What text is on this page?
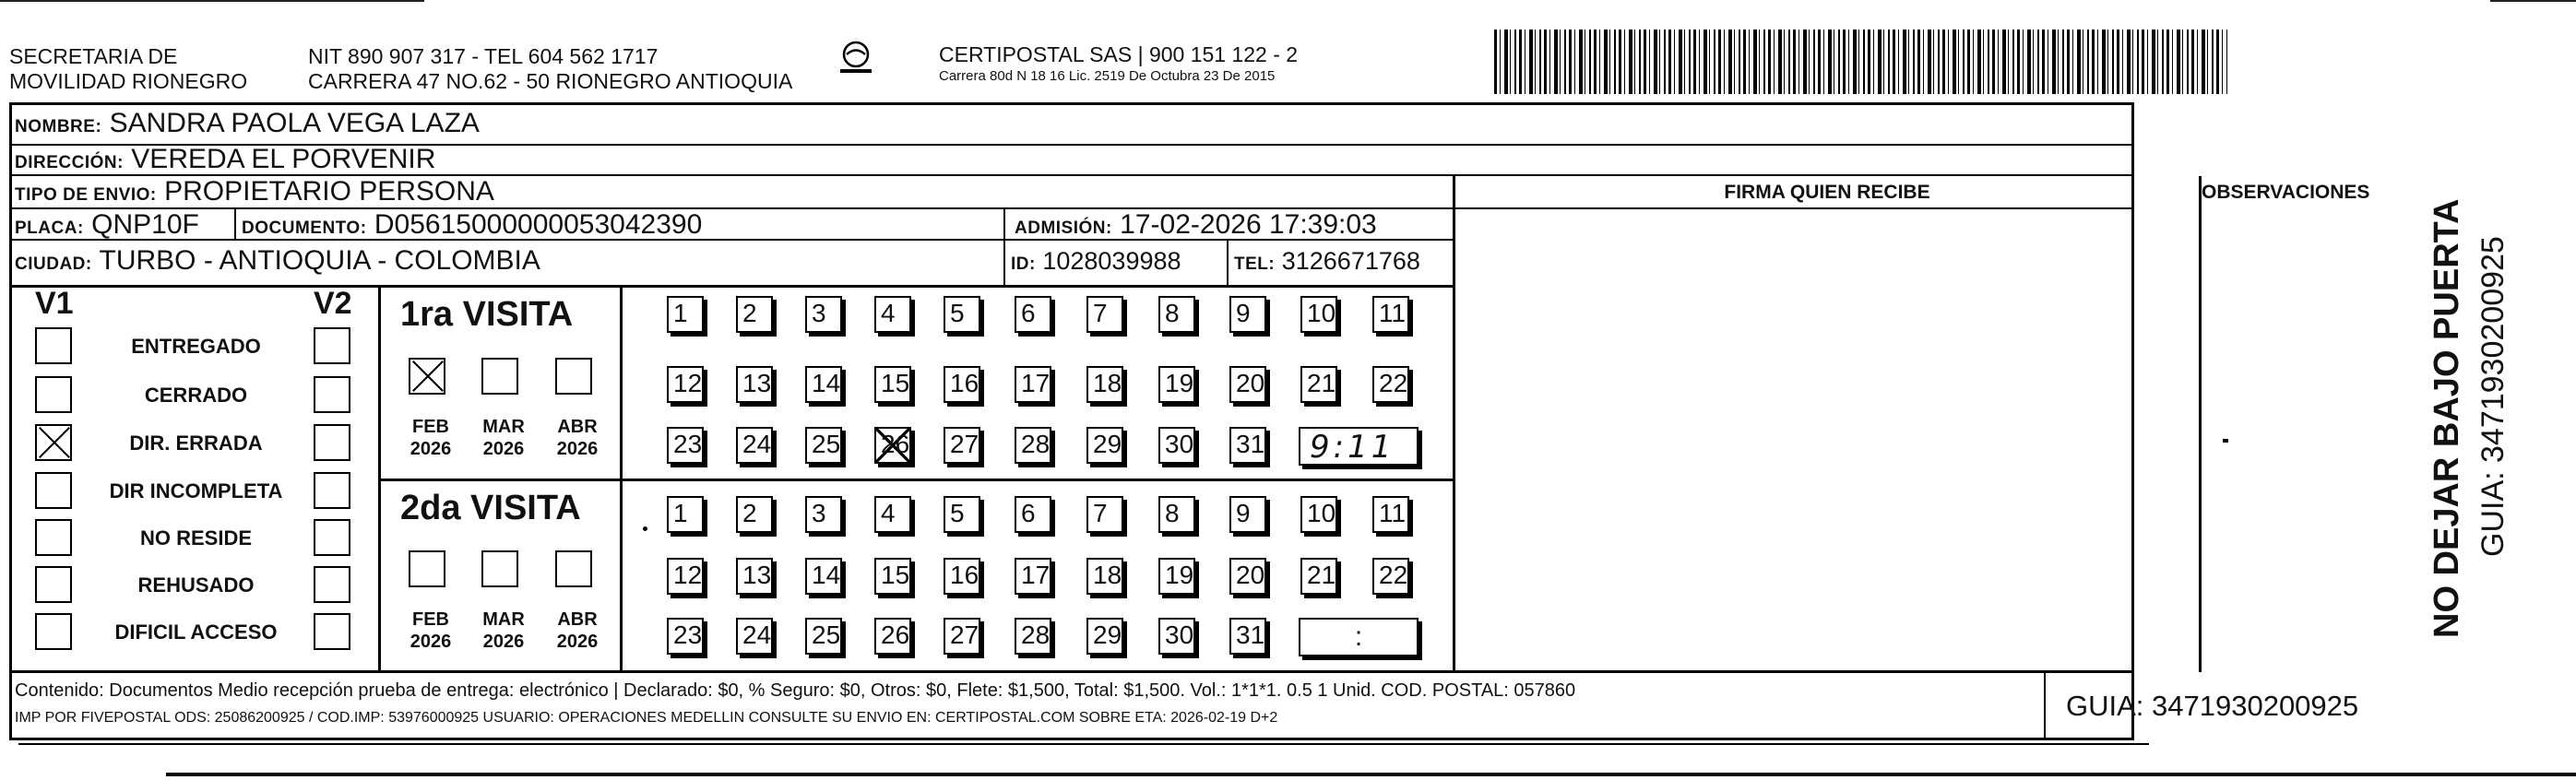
SECRETARIA DE
MOVILIDAD RIONEGRO
NIT 890 907 317 - TEL 604 562 1717
CARRERA 47 NO.62 - 50 RIONEGRO ANTIOQUIA
CERTIPOSTAL SAS | 900 151 122 - 2
Carrera 80d N 18 16 Lic. 2519 De Octubra 23 De 2015
NOMBRE: SANDRA PAOLA VEGA LAZA
DIRECCIÓN: VEREDA EL PORVENIR
TIPO DE ENVIO: PROPIETARIO PERSONA	FIRMA QUIEN RECIBE	OBSERVACIONES
PLACA: QNP10F DOCUMENTO: D05615000000053042390	ADMISIÓN: 17-02-2026 17:39:03
CIUDAD: TURBO - ANTIOQUIA - COLOMBIA	ID: 1028039988	TEL: 3126671768
V1	V2
ENTREGADO
CERRADO
DIR. ERRADA
DIR INCOMPLETA
NO RESIDE
REHUSADO
DIFICIL ACCESO
1ra VISITA
2da VISITA
FEB
2026
MAR
2026
ABR
2026
FEB
2026
MAR
2026
ABR
2026
1	2	3	4	5	6	7	8	9	10 11
12 13 14 15 16 17 18 19 20 21 22
23 24 25 26 27 28 29 30 31
1	2	3	4	5	6	7	8	9	10 11
12 13 14 15 16 17 18 19 20 21 22
23 24 25 26 27 28 29 30 31
9:11
:
Contenido: Documentos Medio recepción prueba de entrega: electrónico | Declarado: $0, % Seguro: $0, Otros: $0, Flete: $1,500, Total: $1,500. Vol.: 1*1*1. 0.5 1 Unid. COD. POSTAL: 057860
IMP POR FIVEPOSTAL ODS: 25086200925 / COD.IMP: 53976000925 USUARIO: OPERACIONES MEDELLIN CONSULTE SU ENVIO EN: CERTIPOSTAL.COM SOBRE ETA: 2026-02-19 D+2	GUIA: 3471930200925
NO DEJAR BAJO PUERTA GUIA: 3471930200925
